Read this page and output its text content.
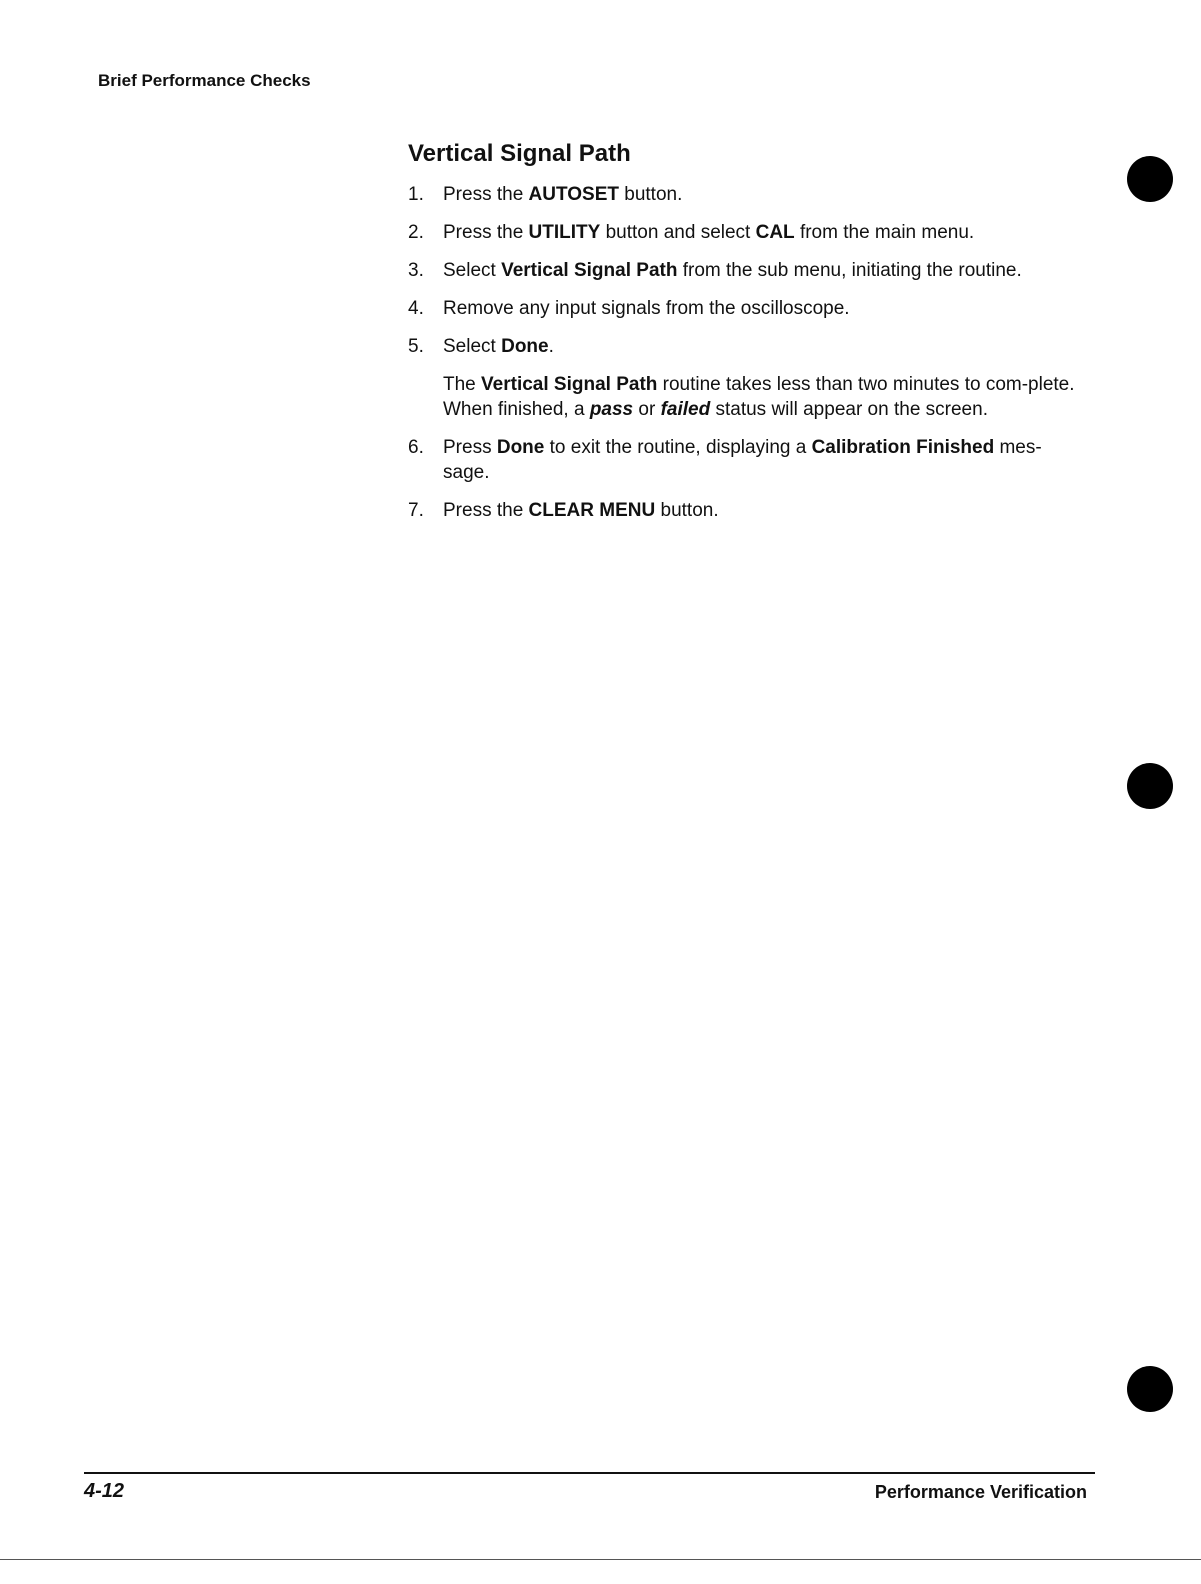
Brief Performance Checks
Vertical Signal Path
1.	Press the AUTOSET button.
2.	Press the UTILITY button and select CAL from the main menu.
3.	Select Vertical Signal Path from the sub menu, initiating the routine.
4.	Remove any input signals from the oscilloscope.
5.	Select Done.
The Vertical Signal Path routine takes less than two minutes to com-plete. When finished, a pass or failed status will appear on the screen.
6.	Press Done to exit the routine, displaying a Calibration Finished mes-sage.
7.	Press the CLEAR MENU button.
4-12	Performance Verification
